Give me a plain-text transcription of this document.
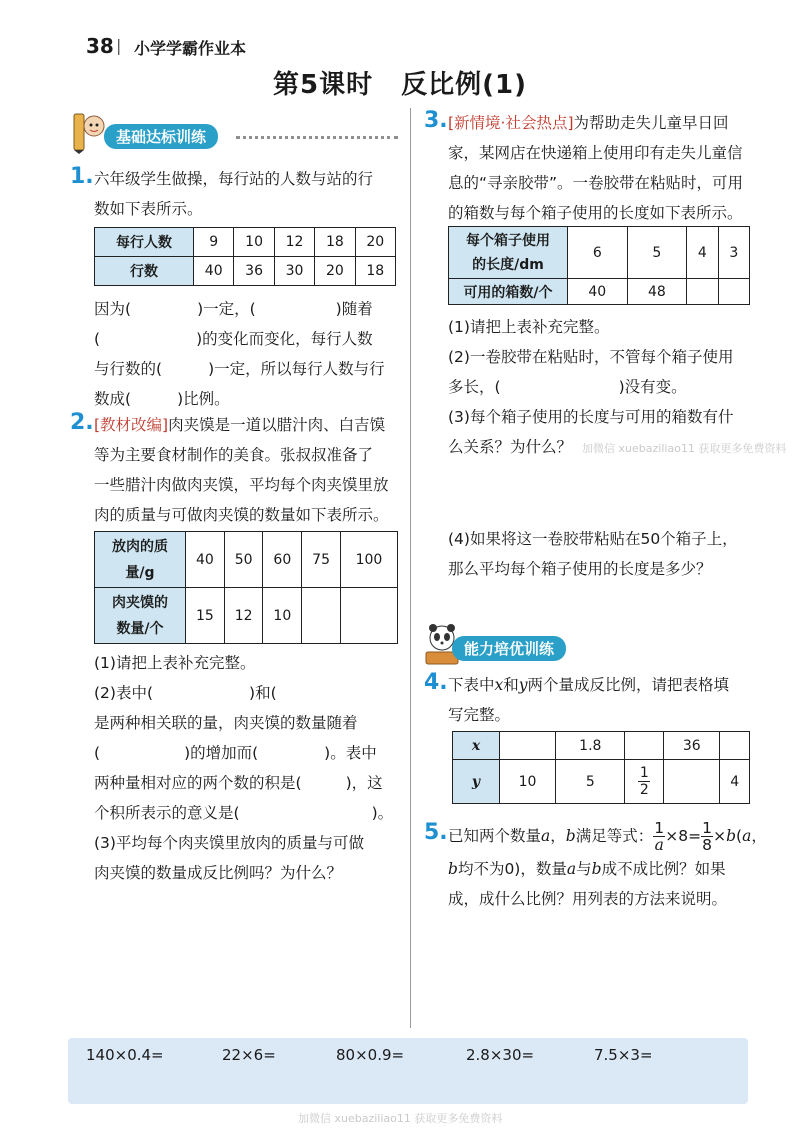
38 | 小学学霸作业本
第5课时 反比例(1)
基础达标训练
1. 六年级学生做操，每行站的人数与站的行
数如下表所示。
每行人数	9	10	12	18	20
行数	40	36	30	20	18
因为(	)一定，(	)随着
(	)的变化而变化，每行人数
与行数的(	)一定，所以每行人数与行
数成(	)比例。
2. [教材改编]肉夹馍是一道以腊汁肉、白吉馍
等为主要食材制作的美食。张叔叔准备了
一些腊汁肉做肉夹馍，平均每个肉夹馍里放
肉的质量与可做肉夹馍的数量如下表所示。
放肉的质
量/g	40	50	60	75	100

肉夹馍的
数量/个	15	12	10		
(1)请把上表补充完整。
(2)表中(	)和(
是两种相关联的量，肉夹馍的数量随着
(	)的增加而(	)。表中
两种量相对应的两个数的积是(	)，这
个积所表示的意义是(	)。
(3)平均每个肉夹馍里放肉的质量与可做
肉夹馍的数量成反比例吗？为什么？
3. [新情境·社会热点]为帮助走失儿童早日回
家，某网店在快递箱上使用印有走失儿童信
息的“寻亲胶带”。一卷胶带在粘贴时，可用
的箱数与每个箱子使用的长度如下表所示。
每个箱子使用
的长度/dm	6	5	4	3
可用的箱数/个	40	48		
(1)请把上表补充完整。
(2)一卷胶带在粘贴时，不管每个箱子使用
多长，(	)没有变。
(3)每个箱子使用的长度与可用的箱数有什
么关系？为什么？ 加微信 xuebaziliao11 获取更多免费资料
(4)如果将这一卷胶带粘贴在50个箱子上，
那么平均每个箱子使用的长度是多少？
能力培优训练
4. 下表中x和y两个量成反比例，请把表格填
写完整。
x		1.8		36	
y	10	5	$\frac{1}{2}$		4
5. 已知两个数量a，b满足等式： $\frac{1}{a} \times 8= \frac{1}{8} \times b(a$，
b均不为0)，数量a与b成不成比例？如果
成，成什么比例？用列表的方法来说明。
140×0.4=	22×6=	80×0.9=	2.8×30=	7.5×3=
加微信 xuebaziliao11 获取更多免费资料
